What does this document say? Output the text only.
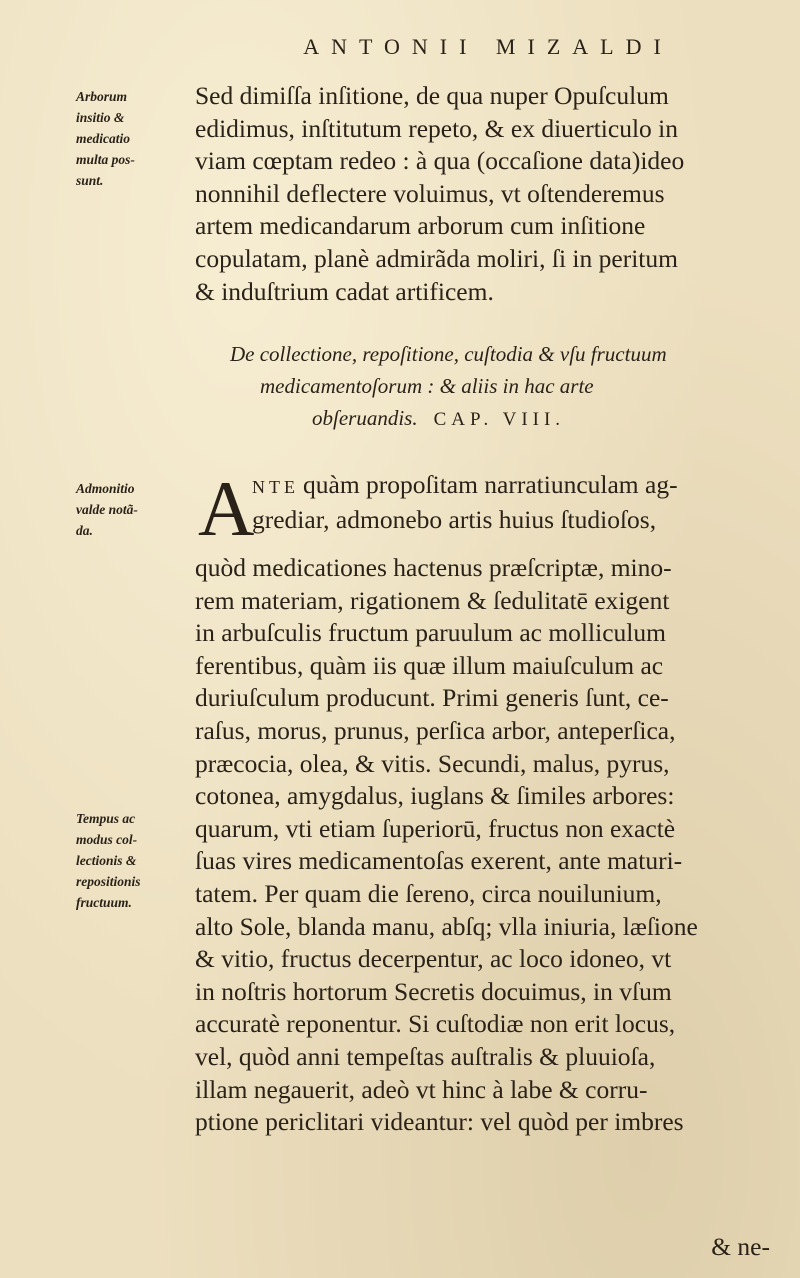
ANTONII MIZALDI
Arborum
insitio &
medicatio
multa pos-
sunt.
Sed dimiſſa inſitione, de qua nuper Opuſculum
edidimus, inſtitutum repeto, & ex diuerticulo in
viam cœptam redeo : à qua (occaſione data)ideo
nonnihil deflectere voluimus, vt oſtenderemus
artem medicandarum arborum cum inſitione
copulatam, planè admirãda moliri, ſi in peritum
& induſtrium cadat artificem.
De collectione, repoſitione, cuſtodia & vſu fructuum
medicamentoſorum : & aliis in hac arte
obſeruandis. CAP. VIII.
Admonitio
valde notã-
da.	A
NTE quàm propoſitam narratiunculam ag-
grediar, admonebo artis huius ſtudioſos,
quòd medicationes hactenus præſcriptæ, mino-
rem materiam, rigationem & ſedulitatē exigent
in arbuſculis fructum paruulum ac molliculum
ferentibus, quàm iis quæ illum maiuſculum ac
duriuſculum producunt. Primi generis ſunt, ce-
raſus, morus, prunus, perſica arbor, anteperſica,
præcocia, olea, & vitis. Secundi, malus, pyrus,
cotonea, amygdalus, iuglans & ſimiles arbores:
quarum, vti etiam ſuperiorū, fructus non exactè
ſuas vires medicamentoſas exerent, ante maturi-
tatem. Per quam die ſereno, circa nouilunium,
alto Sole, blanda manu, abſq; vlla iniuria, læſione
& vitio, fructus decerpentur, ac loco idoneo, vt
in noſtris hortorum Secretis docuimus, in vſum
accuratè reponentur. Si cuſtodiæ non erit locus,
vel, quòd anni tempeſtas auſtralis & pluuioſa,
illam negauerit, adeò vt hinc à labe & corru-
ptione periclitari videantur: vel quòd per imbres
Tempus ac
modus col-
lectionis &
repositionis
fructuum.
& ne-
